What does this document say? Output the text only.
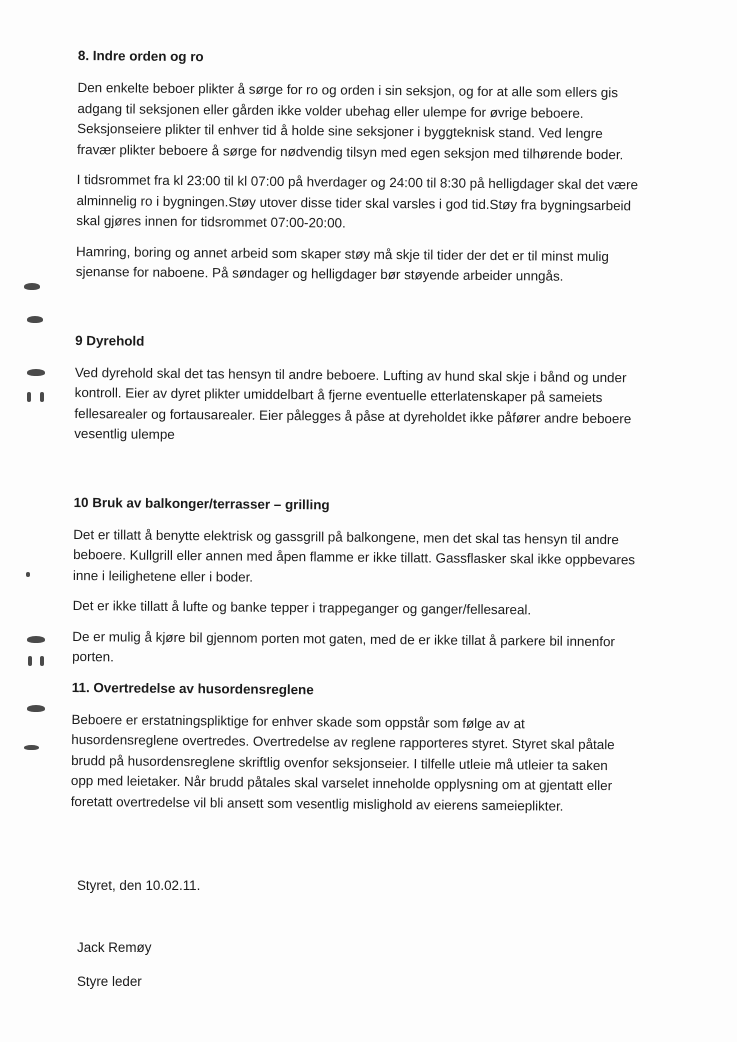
8. Indre orden og ro

Den enkelte beboer plikter å sørge for ro og orden i sin seksjon, og for at alle som ellers gis adgang til seksjonen eller gården ikke volder ubehag eller ulempe for øvrige beboere. Seksjonseiere plikter til enhver tid å holde sine seksjoner i byggteknisk stand. Ved lengre fravær plikter beboere å sørge for nødvendig tilsyn med egen seksjon med tilhørende boder.

I tidsrommet fra kl 23:00 til kl 07:00 på hverdager og 24:00 til 8:30 på helligdager skal det være alminnelig ro i bygningen.Støy utover disse tider skal varsles i god tid.Støy fra bygningsarbeid skal gjøres innen for tidsrommet 07:00-20:00.

Hamring, boring og annet arbeid som skaper støy må skje til tider der det er til minst mulig sjenanse for naboene. På søndager og helligdager bør støyende arbeider unngås.

9 Dyrehold

Ved dyrehold skal det tas hensyn til andre beboere. Lufting av hund skal skje i bånd og under kontroll. Eier av dyret plikter umiddelbart å fjerne eventuelle etterlatenskaper på sameiets fellesarealer og fortausarealer. Eier pålegges å påse at dyreholdet ikke påfører andre beboere vesentlig ulempe

10 Bruk av balkonger/terrasser – grilling

Det er tillatt å benytte elektrisk og gassgrill på balkongene, men det skal tas hensyn til andre beboere. Kullgrill eller annen med åpen flamme er ikke tillatt. Gassflasker skal ikke oppbevares inne i leilighetene eller i boder.

Det er ikke tillatt å lufte og banke tepper i trappeganger og ganger/fellesareal.

De er mulig å kjøre bil gjennom porten mot gaten, med de er ikke tillat å parkere bil innenfor porten.

11. Overtredelse av husordensreglene

Beboere er erstatningspliktige for enhver skade som oppstår som følge av at husordensreglene overtredes. Overtredelse av reglene rapporteres styret. Styret skal påtale brudd på husordensreglene skriftlig ovenfor seksjonseier. I tilfelle utleie må utleier ta saken opp med leietaker. Når brudd påtales skal varselet inneholde opplysning om at gjentatt eller foretatt overtredelse vil bli ansett som vesentlig mislighold av eierens sameieplikter.

Styret, den 10.02.11.

Jack Remøy

Styre leder
